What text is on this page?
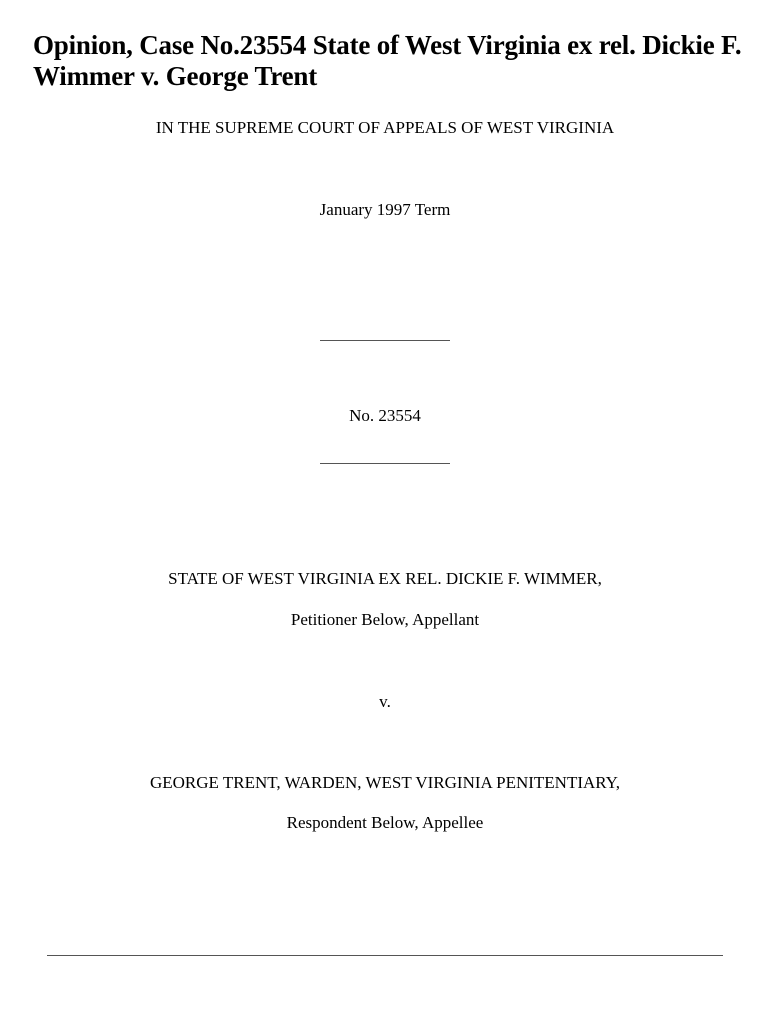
Opinion, Case No.23554 State of West Virginia ex rel. Dickie F. Wimmer v. George Trent
IN THE SUPREME COURT OF APPEALS OF WEST VIRGINIA
January 1997 Term
No. 23554
STATE OF WEST VIRGINIA EX REL. DICKIE F. WIMMER,
Petitioner Below, Appellant
v.
GEORGE TRENT, WARDEN, WEST VIRGINIA PENITENTIARY,
Respondent Below, Appellee
